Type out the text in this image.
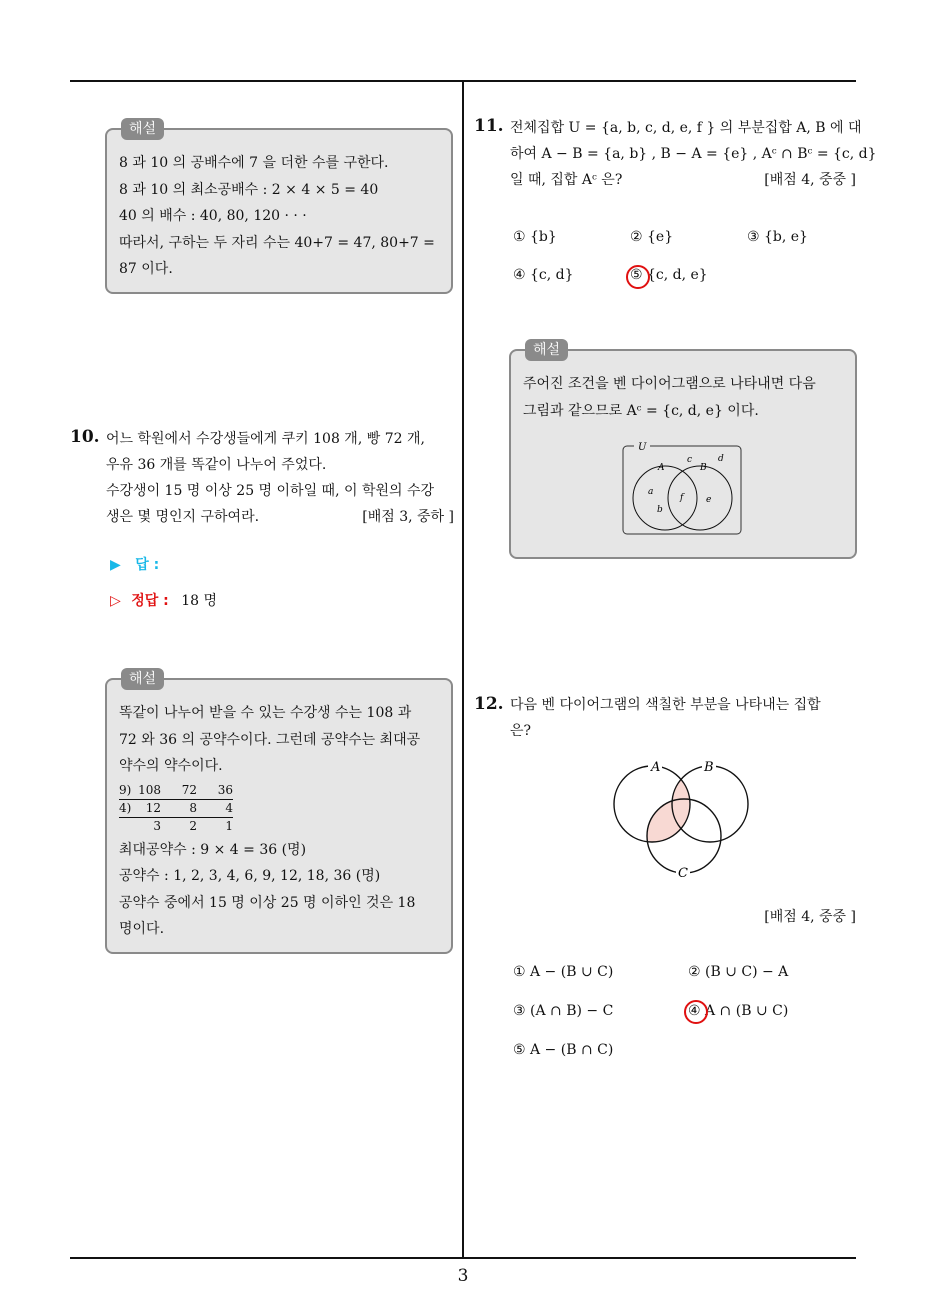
3
해설
8 과 10 의 공배수에 7 을 더한 수를 구한다.
8 과 10 의 최소공배수 : 2 × 4 × 5 = 40
40 의 배수 : 40, 80, 120 · · ·
따라서, 구하는 두 자리 수는 40+7 = 47, 80+7 =
87 이다.
10. 어느 학원에서 수강생들에게 쿠키 108 개, 빵 72 개,
우유 36 개를 똑같이 나누어 주었다.
수강생이 15 명 이상 25 명 이하일 때, 이 학원의 수강
생은 몇 명인지 구하여라.	[배점 3, 중하 ]
▶ 답 :
▷ 정답 : 18 명
해설
똑같이 나누어 받을 수 있는 수강생 수는 108 과
72 와 36 의 공약수이다. 그런데 공약수는 최대공
약수의 약수이다.
9) 108 72 36
4) 12 8 4
3 2 1
최대공약수 : 9 × 4 = 36 (명)
공약수 : 1, 2, 3, 4, 6, 9, 12, 18, 36 (명)
공약수 중에서 15 명 이상 25 명 이하인 것은 18
명이다.
11. 전체집합 U = {a, b, c, d, e, f } 의 부분집합 A, B 에 대
하여 A − B = {a, b} , B − A = {e} , Aᶜ ∩ Bᶜ = {c, d}
일 때, 집합 Aᶜ 은?	[배점 4, 중중 ]
① {b}	② {e}	③ {b, e}
④ {c, d}	⑤ {c, d, e}
해설
주어진 조건을 벤 다이어그램으로 나타내면 다음
그림과 같으므로 Aᶜ = {c, d, e} 이다.
U
A	B
c	d
a
b
f	e
12. 다음 벤 다이어그램의 색칠한 부분을 나타내는 집합
은?
A	B
C
[배점 4, 중중 ]
① A − (B ∪ C)	② (B ∪ C) − A
③ (A ∩ B) − C	④ A ∩ (B ∪ C)
⑤ A − (B ∩ C)
